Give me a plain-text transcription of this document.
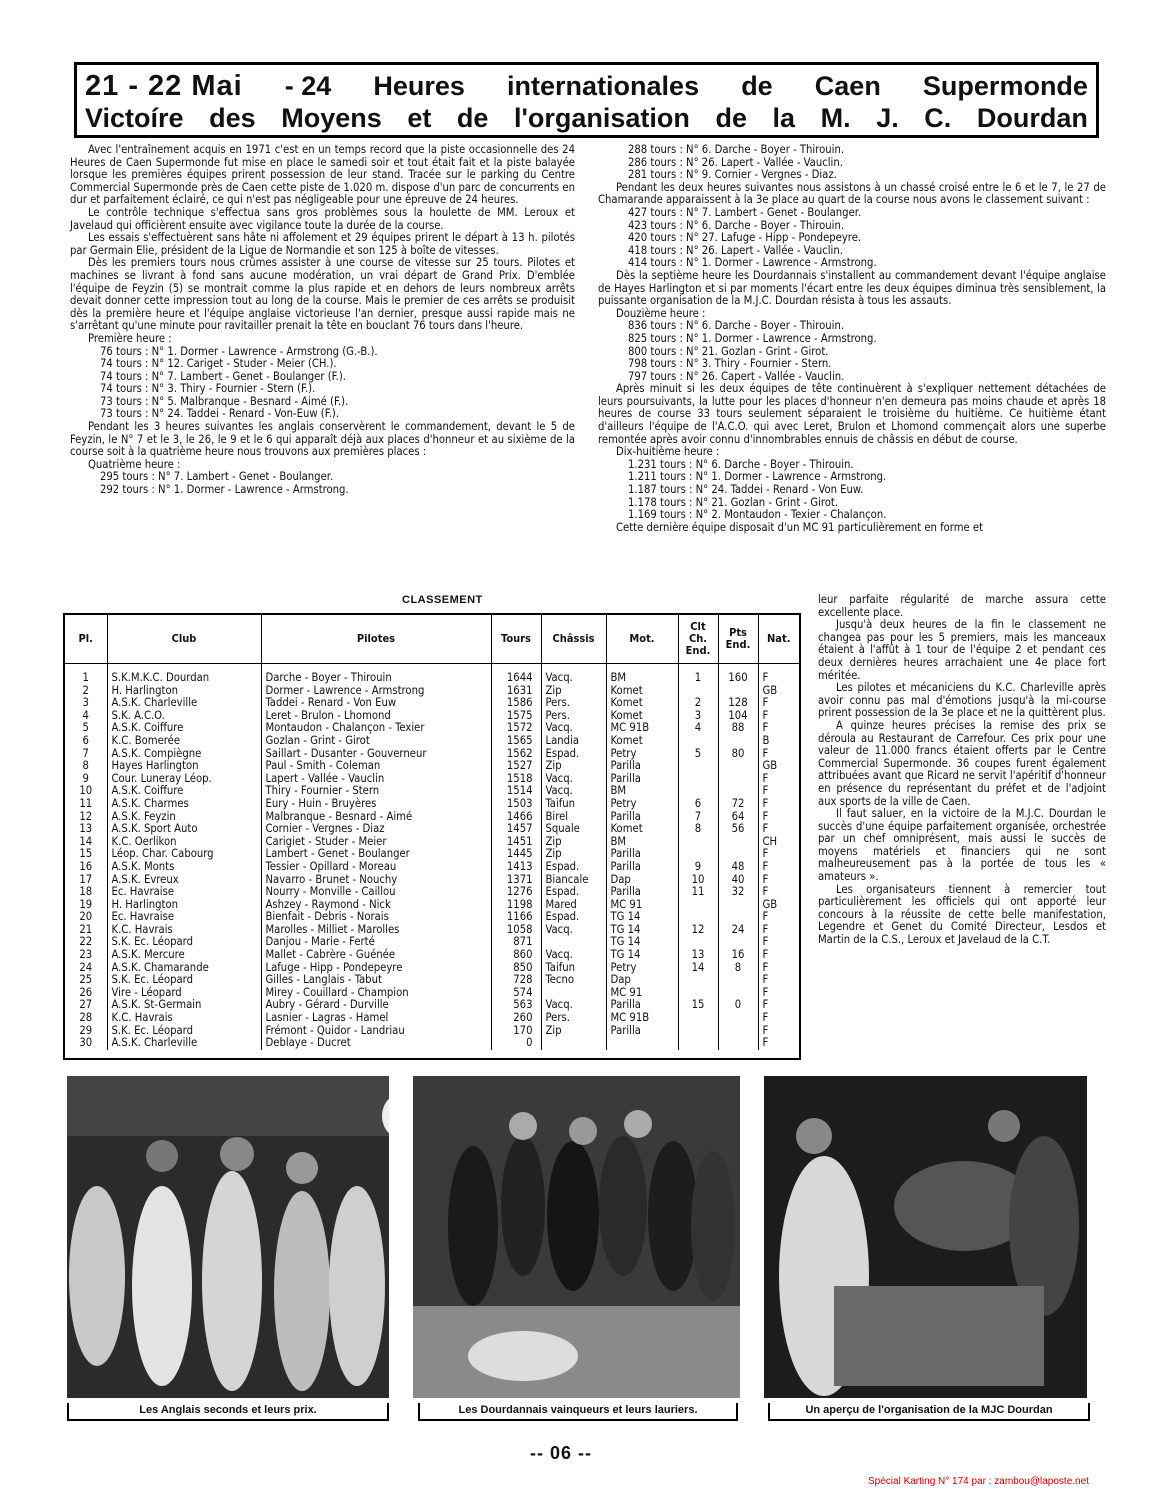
21 - 22 Mai - 24 Heures internationales de Caen Supermonde
Victoíre des Moyens et de l'organisation de la M. J. C. Dourdan

Avec l'entraînement acquis en 1971 c'est en un temps record que la piste occasionnelle des 24 Heures de Caen Supermonde fut mise en place le samedi soir et tout était fait et la piste balayée lorsque les premières équipes prirent possession de leur stand. Tracée sur le parking du Centre Commercial Supermonde près de Caen cette piste de 1.020 m. dispose d'un parc de concurrents en dur et parfaitement éclairé, ce qui n'est pas négligeable pour une épreuve de 24 heures.

Le contrôle technique s'effectua sans gros problèmes sous la houlette de MM. Leroux et Javelaud qui officièrent ensuite avec vigilance toute la durée de la course.

Les essais s'effectuèrent sans hâte ni affolement et 29 équipes prirent le départ à 13 h. pilotés par Germain Elie, président de la Ligue de Normandie et son 125 à boîte de vitesses.

Dès les premiers tours nous crûmes assister à une course de vitesse sur 25 tours. Pilotes et machines se livrant à fond sans aucune modération, un vrai départ de Grand Prix. D'emblée l'équipe de Feyzin (5) se montrait comme la plus rapide et en dehors de leurs nombreux arrêts devait donner cette impression tout au long de la course. Mais le premier de ces arrêts se produisit dès la première heure et l'équipe anglaise victorieuse l'an dernier, presque aussi rapide mais ne s'arrêtant qu'une minute pour ravitailler prenait la tête en bouclant 76 tours dans l'heure.

Première heure :

76 tours : N° 1. Dormer - Lawrence - Armstrong (G.-B.).
74 tours : N° 12. Cariget - Studer - Meier (CH.).
74 tours : N° 7. Lambert - Genet - Boulanger (F.).
74 tours : N° 3. Thiry - Fournier - Stern (F.).
73 tours : N° 5. Malbranque - Besnard - Aimé (F.).
73 tours : N° 24. Taddei - Renard - Von-Euw (F.).

Pendant les 3 heures suivantes les anglais conservèrent le commandement, devant le 5 de Feyzin, le N° 7 et le 3, le 26, le 9 et le 6 qui apparaît déjà aux places d'honneur et au sixième de la course soit à la quatrième heure nous trouvons aux premières places :

Quatrième heure :

295 tours : N° 7. Lambert - Genet - Boulanger.
292 tours : N° 1. Dormer - Lawrence - Armstrong.
288 tours : N° 6. Darche - Boyer - Thirouin.
286 tours : N° 26. Lapert - Vallée - Vauclin.
281 tours : N° 9. Cornier - Vergnes - Diaz.

Pendant les deux heures suivantes nous assistons à un chassé croisé entre le 6 et le 7, le 27 de Chamarande apparaissent à la 3e place au quart de la course nous avons le classement suivant :

427 tours : N° 7. Lambert - Genet - Boulanger.
423 tours : N° 6. Darche - Boyer - Thirouin.
420 tours : N° 27. Lafuge - Hipp - Pondepeyre.
418 tours : N° 26. Lapert - Vallée - Vauclin.
414 tours : N° 1. Dormer - Lawrence - Armstrong.

Dès la septième heure les Dourdannais s'installent au commandement devant l'équipe anglaise de Hayes Harlington et si par moments l'écart entre les deux équipes diminua très sensiblement, la puissante organisation de la M.J.C. Dourdan résista à tous les assauts.

Douzième heure :

836 tours : N° 6. Darche - Boyer - Thirouin.
825 tours : N° 1. Dormer - Lawrence - Armstrong.
800 tours : N° 21. Gozlan - Grint - Girot.
798 tours : N° 3. Thiry - Fournier - Stern.
797 tours : N° 26. Capert - Vallée - Vauclin.

Après minuit si les deux équipes de tête continuèrent à s'expliquer nettement détachées de leurs poursuivants, la lutte pour les places d'honneur n'en demeura pas moins chaude et après 18 heures de course 33 tours seulement séparaient le troisième du huitième. Ce huitième étant d'ailleurs l'équipe de l'A.C.O. qui avec Leret, Brulon et Lhomond commençait alors une superbe remontée après avoir connu d'innombrables ennuis de châssis en début de course.

Dix-huitième heure :

1.231 tours : N° 6. Darche - Boyer - Thirouin.
1.211 tours : N° 1. Dormer - Lawrence - Armstrong.
1.187 tours : N° 24. Taddei - Renard - Von Euw.
1.178 tours : N° 21. Gozlan - Grint - Girot.
1.169 tours : N° 2. Montaudon - Texier - Chalançon.

Cette dernière équipe disposait d'un MC 91 particulièrement en forme et

leur parfaite régularité de marche assura cette excellente place.

Jusqu'à deux heures de la fin le classement ne changea pas pour les 5 premiers, mais les manceaux étaient à l'affût à 1 tour de l'équipe 2 et pendant ces deux dernières heures arrachaient une 4e place fort méritée.

Les pilotes et mécaniciens du K.C. Charleville après avoir connu pas mal d'émotions jusqu'à la mi-course prirent possession de la 3e place et ne la quittèrent plus.

A quinze heures précises la remise des prix se déroula au Restaurant de Carrefour. Ces prix pour une valeur de 11.000 francs étaient offerts par le Centre Commercial Supermonde. 36 coupes furent également attribuées avant que Ricard ne servit l'apéritif d'honneur en présence du représentant du préfet et de l'adjoint aux sports de la ville de Caen.

Il faut saluer, en la victoire de la M.J.C. Dourdan le succès d'une équipe parfaitement organisée, orchestrée par un chef omniprésent, mais aussi le succès de moyens matériels et financiers qui ne sont malheureusement pas à la portée de tous les « amateurs ».

Les organisateurs tiennent à remercier tout particulièrement les officiels qui ont apporté leur concours à la réussite de cette belle manifestation, Legendre et Genet du Comité Directeur, Lesdos et Martin de la C.S., Leroux et Javelaud de la C.T.

CLASSEMENT
Pl.	Club	Pilotes	Tours	Châssis	Mot.	Clt
Ch.
End.	Pts
End.	Nat.
1	S.K.M.K.C. Dourdan	Darche - Boyer - Thirouin	1644	Vacq.	BM	1	160	F
2	H. Harlington	Dormer - Lawrence - Armstrong	1631	Zip	Komet			GB
3	A.S.K. Charleville	Taddei - Renard - Von Euw	1586	Pers.	Komet	2	128	F
4	S.K. A.C.O.	Leret - Brulon - Lhomond	1575	Pers.	Komet	3	104	F
5	A.S.K. Coiffure	Montaudon - Chalançon - Texier	1572	Vacq.	MC 91B	4	88	F
6	K.C. Bomerée	Gozlan - Grint - Girot	1565	Landia	Komet			B
7	A.S.K. Compiègne	Saillart - Dusanter - Gouverneur	1562	Espad.	Petry	5	80	F
8	Hayes Harlington	Paul - Smith - Coleman	1527	Zip	Parilla			GB
9	Cour. Luneray Léop.	Lapert - Vallée - Vauclin	1518	Vacq.	Parilla			F
10	A.S.K. Coiffure	Thiry - Fournier - Stern	1514	Vacq.	BM			F
11	A.S.K. Charmes	Eury - Huin - Bruyères	1503	Taifun	Petry	6	72	F
12	A.S.K. Feyzin	Malbranque - Besnard - Aimé	1466	Birel	Parilla	7	64	F
13	A.S.K. Sport Auto	Cornier - Vergnes - Diaz	1457	Squale	Komet	8	56	F
14	K.C. Oerlikon	Carigiet - Studer - Meier	1451	Zip	BM			CH
15	Léop. Char. Cabourg	Lambert - Genet - Boulanger	1445	Zip	Parilla			F
16	A.S.K. Monts	Tessier - Opillard - Moreau	1413	Espad.	Parilla	9	48	F
17	A.S.K. Evreux	Navarro - Brunet - Nouchy	1371	Biancale	Dap	10	40	F
18	Ec. Havraise	Nourry - Monville - Caillou	1276	Espad.	Parilla	11	32	F
19	H. Harlington	Ashzey - Raymond - Nick	1198	Mared	MC 91			GB
20	Ec. Havraise	Bienfait - Debris - Norais	1166	Espad.	TG 14			F
21	K.C. Havrais	Marolles - Milliet - Marolles	1058	Vacq.	TG 14	12	24	F
22	S.K. Ec. Léopard	Danjou - Marie - Ferté	871		TG 14			F
23	A.S.K. Mercure	Mallet - Cabrère - Guénée	860	Vacq.	TG 14	13	16	F
24	A.S.K. Chamarande	Lafuge - Hipp - Pondepeyre	850	Taifun	Petry	14	8	F
25	S.K. Ec. Léopard	Gilles - Langlais - Tabut	728	Tecno	Dap			F
26	Vire - Léopard	Mirey - Couillard - Champion	574		MC 91			F
27	A.S.K. St-Germain	Aubry - Gérard - Durville	563	Vacq.	Parilla	15	0	F
28	K.C. Havrais	Lasnier - Lagras - Hamel	260	Pers.	MC 91B			F
29	S.K. Ec. Léopard	Frémont - Quidor - Landriau	170	Zip	Parilla			F
30	A.S.K. Charleville	Deblaye - Ducret	0					F
Les Anglais seconds et leurs prix.	Les Dourdannais vainqueurs et leurs lauriers.	Un aperçu de l'organisation de la MJC Dourdan
-- 06 --
Spécial Karting N° 174 par : zambou@laposte.net
